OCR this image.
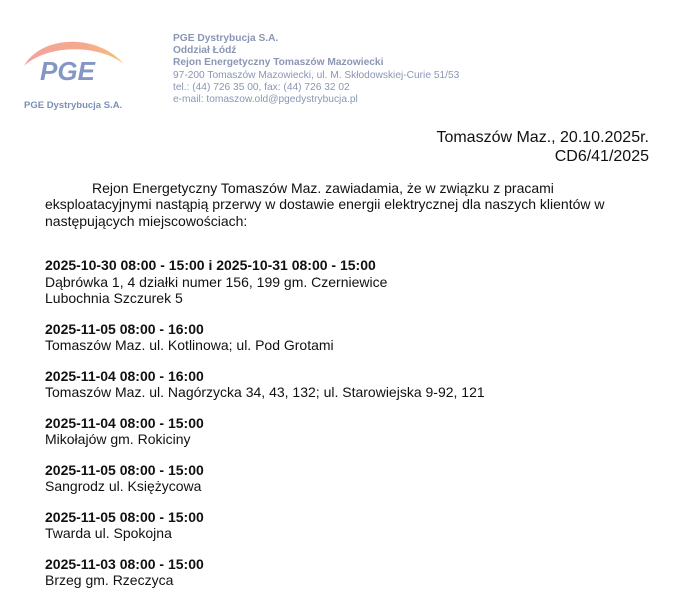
PGE
PGE Dystrybucja S.A.
PGE Dystrybucja S.A.
Oddział Łódź
Rejon Energetyczny Tomaszów Mazowiecki
97-200 Tomaszów Mazowiecki, ul. M. Skłodowskiej-Curie 51/53
tel.: (44) 726 35 00, fax: (44) 726 32 02
e-mail: tomaszow.old@pgedystrybucja.pl
Tomaszów Maz., 20.10.2025r.
CD6/41/2025
Rejon Energetyczny Tomaszów Maz. zawiadamia, że w związku z pracami eksploatacyjnymi nastąpią przerwy w dostawie energii elektrycznej dla naszych klientów w następujących miejscowościach:
2025-10-30 08:00 - 15:00 i 2025-10-31 08:00 - 15:00
Dąbrówka 1, 4 działki numer 156, 199 gm. Czerniewice
Lubochnia Szczurek 5
2025-11-05 08:00 - 16:00
Tomaszów Maz. ul. Kotlinowa; ul. Pod Grotami
2025-11-04 08:00 - 16:00
Tomaszów Maz. ul. Nagórzycka 34, 43, 132; ul. Starowiejska 9-92, 121
2025-11-04 08:00 - 15:00
Mikołajów gm. Rokiciny
2025-11-05 08:00 - 15:00
Sangrodz ul. Księżycowa
2025-11-05 08:00 - 15:00
Twarda ul. Spokojna
2025-11-03 08:00 - 15:00
Brzeg gm. Rzeczyca
